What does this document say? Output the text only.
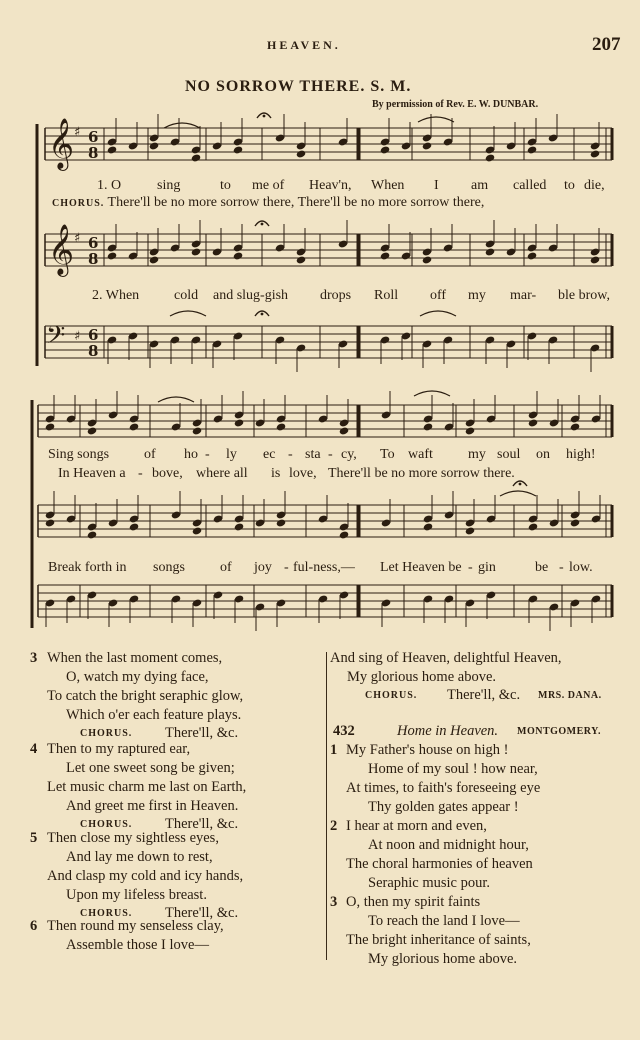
HEAVEN.	207
NO SORROW THERE. S. M.
By permission of Rev. E. W. DUNBAR.
𝄞 6
8
♯
𝄞 6
8
♯
𝄢 6
8
♯
1. O	sing	to me of Heav'n, When I am called to die,
CHORUS. There'll be no more sorrow there, There'll be no more sorrow there,
2. When cold and slug-gish drops Roll off my mar- ble brow,
Sing songs of ho - ly ec - sta - cy, To waft	my soul on high!
In Heaven a - bove, where all is love, There'll be no more sorrow there.
Break forth in songs	of joy - ful-ness,— Let Heaven be - gin	be - low.
3 When the last moment comes,
O, watch my dying face,
To catch the bright seraphic glow,
Which o'er each feature plays.
CHORUS. There'll, &c.
4 Then to my raptured ear,
Let one sweet song be given;
Let music charm me last on Earth,
And greet me first in Heaven.
CHORUS. There'll, &c.
5 Then close my sightless eyes,
And lay me down to rest,
And clasp my cold and icy hands,
Upon my lifeless breast.
CHORUS. There'll, &c.
6 Then round my senseless clay,
Assemble those I love—
And sing of Heaven, delightful Heaven,
My glorious home above.
CHORUS. There'll, &c. MRS. DANA.
432	Home in Heaven. MONTGOMERY.
1 My Father's house on high !
Home of my soul ! how near,
At times, to faith's foreseeing eye
Thy golden gates appear !
2 I hear at morn and even,
At noon and midnight hour,
The choral harmonies of heaven
Seraphic music pour.
3 O, then my spirit faints
To reach the land I love—
The bright inheritance of saints,
My glorious home above.
